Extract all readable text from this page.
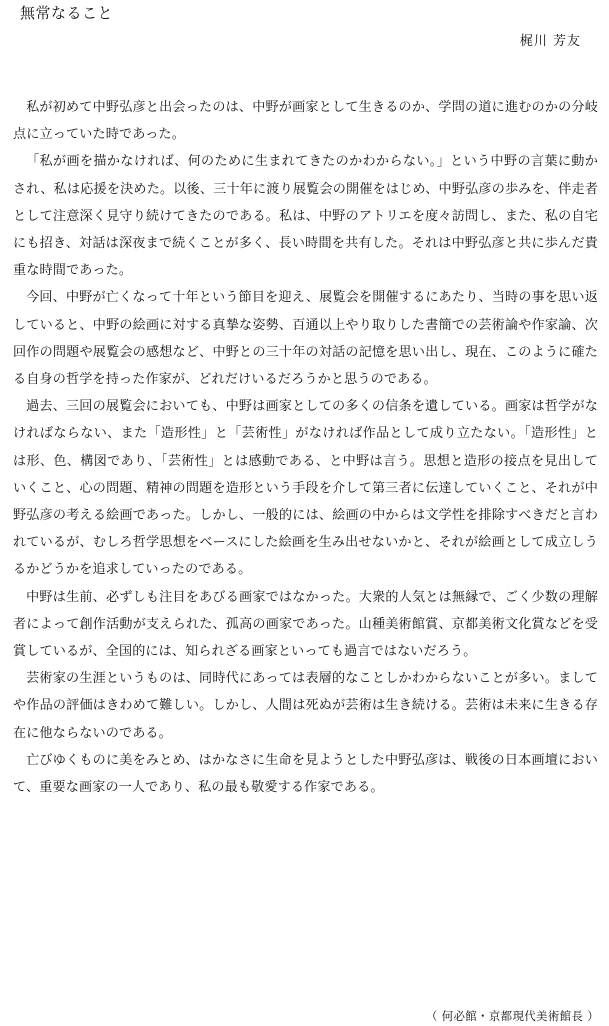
無常なること
梶川 芳友

私が初めて中野弘彦と出会ったのは、中野が画家として生きるのか、学問の道に進むのかの分岐点に立っていた時であった。

「私が画を描かなければ、何のために生まれてきたのかわからない。」という中野の言葉に動かされ、私は応援を決めた。以後、三十年に渡り展覧会の開催をはじめ、中野弘彦の歩みを、伴走者として注意深く見守り続けてきたのである。私は、中野のアトリエを度々訪問し、また、私の自宅にも招き、対話は深夜まで続くことが多く、長い時間を共有した。それは中野弘彦と共に歩んだ貴重な時間であった。

今回、中野が亡くなって十年という節目を迎え、展覧会を開催するにあたり、当時の事を思い返していると、中野の絵画に対する真摯な姿勢、百通以上やり取りした書簡での芸術論や作家論、次回作の問題や展覧会の感想など、中野との三十年の対話の記憶を思い出し、現在、このように確たる自身の哲学を持った作家が、どれだけいるだろうかと思うのである。

過去、三回の展覧会においても、中野は画家としての多くの信条を遺している。画家は哲学がなければならない、また「造形性」と「芸術性」がなければ作品として成り立たない。「造形性」とは形、色、構図であり、「芸術性」とは感動である、と中野は言う。思想と造形の接点を見出していくこと、心の問題、精神の問題を造形という手段を介して第三者に伝達していくこと、それが中野弘彦の考える絵画であった。しかし、一般的には、絵画の中からは文学性を排除すべきだと言われているが、むしろ哲学思想をベースにした絵画を生み出せないかと、それが絵画として成立しうるかどうかを追求していったのである。

中野は生前、必ずしも注目をあびる画家ではなかった。大衆的人気とは無縁で、ごく少数の理解者によって創作活動が支えられた、孤高の画家であった。山種美術館賞、京都美術文化賞などを受賞しているが、全国的には、知られざる画家といっても過言ではないだろう。

芸術家の生涯というものは、同時代にあっては表層的なことしかわからないことが多い。ましてや作品の評価はきわめて難しい。しかし、人間は死ぬが芸術は生き続ける。芸術は未来に生きる存在に他ならないのである。

亡びゆくものに美をみとめ、はかなさに生命を見ようとした中野弘彦は、戦後の日本画壇において、重要な画家の一人であり、私の最も敬愛する作家である。

（ 何必館・京都現代美術館長 ）
